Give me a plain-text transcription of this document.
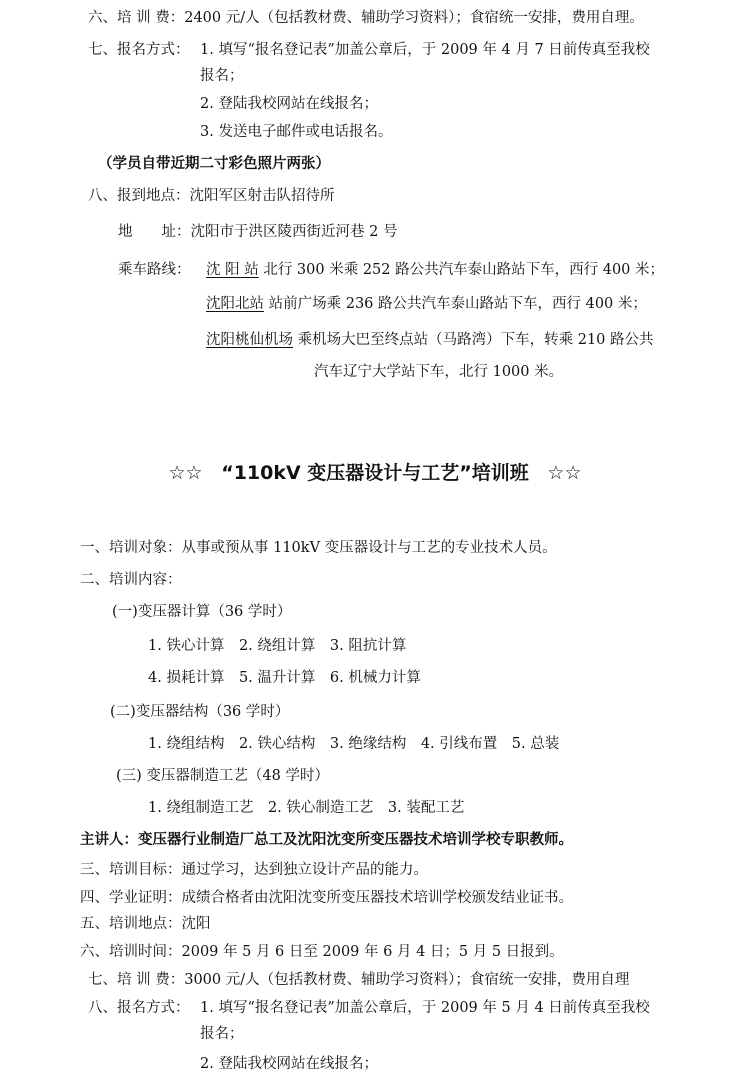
六、培 训 费：2400 元/人（包括教材费、辅助学习资料）；食宿统一安排，费用自理。
七、报名方式： 1. 填写“报名登记表”加盖公章后，于 2009 年 4 月 7 日前传真至我校
报名；
2. 登陆我校网站在线报名；
3. 发送电子邮件或电话报名。
（学员自带近期二寸彩色照片两张）
八、报到地点：沈阳军区射击队招待所
地　　址：沈阳市于洪区陵西街近河巷 2 号
乘车路线： 沈 阳 站 北行 300 米乘 252 路公共汽车泰山路站下车，西行 400 米；
沈阳北站 站前广场乘 236 路公共汽车泰山路站下车，西行 400 米；
沈阳桃仙机场 乘机场大巴至终点站（马路湾）下车，转乘 210 路公共
汽车辽宁大学站下车，北行 1000 米。
☆☆ “110kV 变压器设计与工艺”培训班 ☆☆
一、培训对象：从事或预从事 110kV 变压器设计与工艺的专业技术人员。
二、培训内容：
(一)变压器计算（36 学时）
1. 铁心计算　2. 绕组计算　3. 阻抗计算
4. 损耗计算　5. 温升计算　6. 机械力计算
(二)变压器结构（36 学时）
1. 绕组结构　2. 铁心结构　3. 绝缘结构　4. 引线布置　5. 总装
(三) 变压器制造工艺（48 学时）
1. 绕组制造工艺　2. 铁心制造工艺　3. 装配工艺
主讲人：变压器行业制造厂总工及沈阳沈变所变压器技术培训学校专职教师。
三、培训目标：通过学习，达到独立设计产品的能力。
四、学业证明：成绩合格者由沈阳沈变所变压器技术培训学校颁发结业证书。
五、培训地点：沈阳
六、培训时间：2009 年 5 月 6 日至 2009 年 6 月 4 日；5 月 5 日报到。
七、培 训 费：3000 元/人（包括教材费、辅助学习资料）；食宿统一安排，费用自理
八、报名方式： 1. 填写“报名登记表”加盖公章后，于 2009 年 5 月 4 日前传真至我校
报名；
2. 登陆我校网站在线报名；
